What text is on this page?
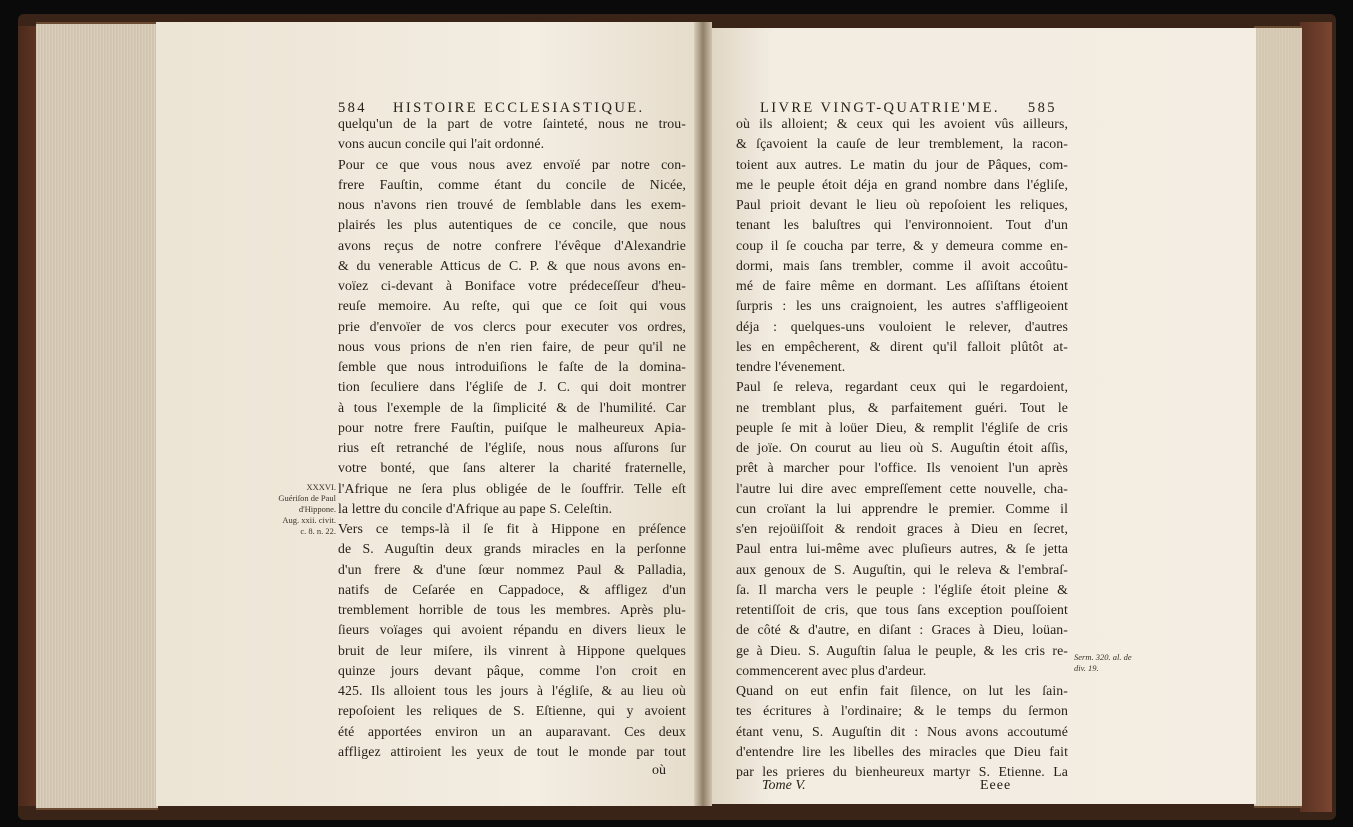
584 HISTOIRE ECCLESIASTIQUE.
quelqu'un de la part de votre ſainteté, nous ne trou-
vons aucun concile qui l'ait ordonné.
Pour ce que vous nous avez envoïé par notre con-
frere Fauſtin, comme étant du concile de Nicée,
nous n'avons rien trouvé de ſemblable dans les exem-
plairés les plus autentiques de ce concile, que nous
avons reçus de notre confrere l'évêque d'Alexandrie
& du venerable Atticus de C. P. & que nous avons en-
voïez ci-devant à Boniface votre prédeceſſeur d'heu-
reuſe memoire. Au reſte, qui que ce ſoit qui vous
prie d'envoïer de vos clercs pour executer vos ordres,
nous vous prions de n'en rien faire, de peur qu'il ne
ſemble que nous introduiſions le faſte de la domina-
tion ſeculiere dans l'égliſe de J. C. qui doit montrer
à tous l'exemple de la ſimplicité & de l'humilité. Car
pour notre frere Fauſtin, puiſque le malheureux Apia-
rius eſt retranché de l'égliſe, nous nous aſſurons ſur
votre bonté, que ſans alterer la charité fraternelle,
l'Afrique ne ſera plus obligée de le ſouffrir. Telle eſt
la lettre du concile d'Afrique au pape S. Celeſtin.
Vers ce temps-là il ſe fit à Hippone en préſence
de S. Auguſtin deux grands miracles en la perſonne
d'un frere & d'une ſœur nommez Paul & Palladia,
natifs de Ceſarée en Cappadoce, & affligez d'un
tremblement horrible de tous les membres. Après plu-
ſieurs voïages qui avoient répandu en divers lieux le
bruit de leur miſere, ils vinrent à Hippone quelques
quinze jours devant pâque, comme l'on croit en
425. Ils alloient tous les jours à l'égliſe, & au lieu où
repoſoient les reliques de S. Eſtienne, qui y avoient
été apportées environ un an auparavant. Ces deux
affligez attiroient les yeux de tout le monde par tout
où
XXXVI.
Guériſon de Paul
d'Hippone.
Aug. xxii. civit.
c. 8. n. 22.
LIVRE VINGT-QUATRIE'ME. 585
où ils alloient; & ceux qui les avoient vûs ailleurs,
& ſçavoient la cauſe de leur tremblement, la racon-
toient aux autres. Le matin du jour de Pâques, com-
me le peuple étoit déja en grand nombre dans l'égliſe,
Paul prioit devant le lieu où repoſoient les reliques,
tenant les baluſtres qui l'environnoient. Tout d'un
coup il ſe coucha par terre, & y demeura comme en-
dormi, mais ſans trembler, comme il avoit accoûtu-
mé de faire même en dormant. Les aſſiſtans étoient
ſurpris : les uns craignoient, les autres s'affligeoient
déja : quelques-uns vouloient le relever, d'autres
les en empêcherent, & dirent qu'il falloit plûtôt at-
tendre l'évenement.
Paul ſe releva, regardant ceux qui le regardoient,
ne tremblant plus, & parfaitement guéri. Tout le
peuple ſe mit à loüer Dieu, & remplit l'égliſe de cris
de joïe. On courut au lieu où S. Auguſtin étoit aſſis,
prêt à marcher pour l'office. Ils venoient l'un après
l'autre lui dire avec empreſſement cette nouvelle, cha-
cun croïant la lui apprendre le premier. Comme il
s'en rejoüiſſoit & rendoit graces à Dieu en ſecret,
Paul entra lui-même avec pluſieurs autres, & ſe jetta
aux genoux de S. Auguſtin, qui le releva & l'embraſ-
ſa. Il marcha vers le peuple : l'égliſe étoit pleine &
retentiſſoit de cris, que tous ſans exception pouſſoient
de côté & d'autre, en diſant : Graces à Dieu, loüan-
ge à Dieu. S. Auguſtin ſalua le peuple, & les cris re-
commencerent avec plus d'ardeur.
Quand on eut enfin fait ſilence, on lut les ſain-
tes écritures à l'ordinaire; & le temps du ſermon
étant venu, S. Auguſtin dit : Nous avons accoutumé
d'entendre lire les libelles des miracles que Dieu fait
par les prieres du bienheureux martyr S. Etienne. La
Tome V.	Eeee
Serm. 320. al. de
div. 19.
